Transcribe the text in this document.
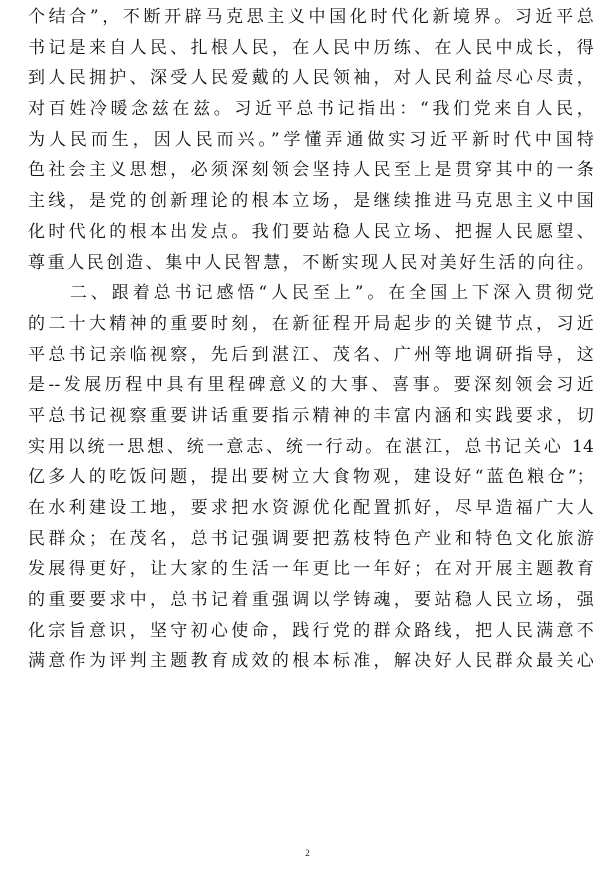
个结合”，不断开辟马克思主义中国化时代化新境界。习近平总
书记是来自人民、扎根人民，在人民中历练、在人民中成长，得
到人民拥护、深受人民爱戴的人民领袖，对人民利益尽心尽责，
对百姓冷暖念兹在兹。习近平总书记指出：“我们党来自人民，
为人民而生，因人民而兴。”学懂弄通做实习近平新时代中国特
色社会主义思想，必须深刻领会坚持人民至上是贯穿其中的一条
主线，是党的创新理论的根本立场，是继续推进马克思主义中国
化时代化的根本出发点。我们要站稳人民立场、把握人民愿望、
尊重人民创造、集中人民智慧，不断实现人民对美好生活的向往。
　　二、跟着总书记感悟“人民至上”。在全国上下深入贯彻党
的二十大精神的重要时刻，在新征程开局起步的关键节点，习近
平总书记亲临视察，先后到湛江、茂名、广州等地调研指导，这
是--发展历程中具有里程碑意义的大事、喜事。要深刻领会习近
平总书记视察重要讲话重要指示精神的丰富内涵和实践要求，切
实用以统一思想、统一意志、统一行动。在湛江，总书记关心 14
亿多人的吃饭问题，提出要树立大食物观，建设好“蓝色粮仓”；
在水利建设工地，要求把水资源优化配置抓好，尽早造福广大人
民群众；在茂名，总书记强调要把荔枝特色产业和特色文化旅游
发展得更好，让大家的生活一年更比一年好；在对开展主题教育
的重要要求中，总书记着重强调以学铸魂，要站稳人民立场，强
化宗旨意识，坚守初心使命，践行党的群众路线，把人民满意不
满意作为评判主题教育成效的根本标准，解决好人民群众最关心
2
